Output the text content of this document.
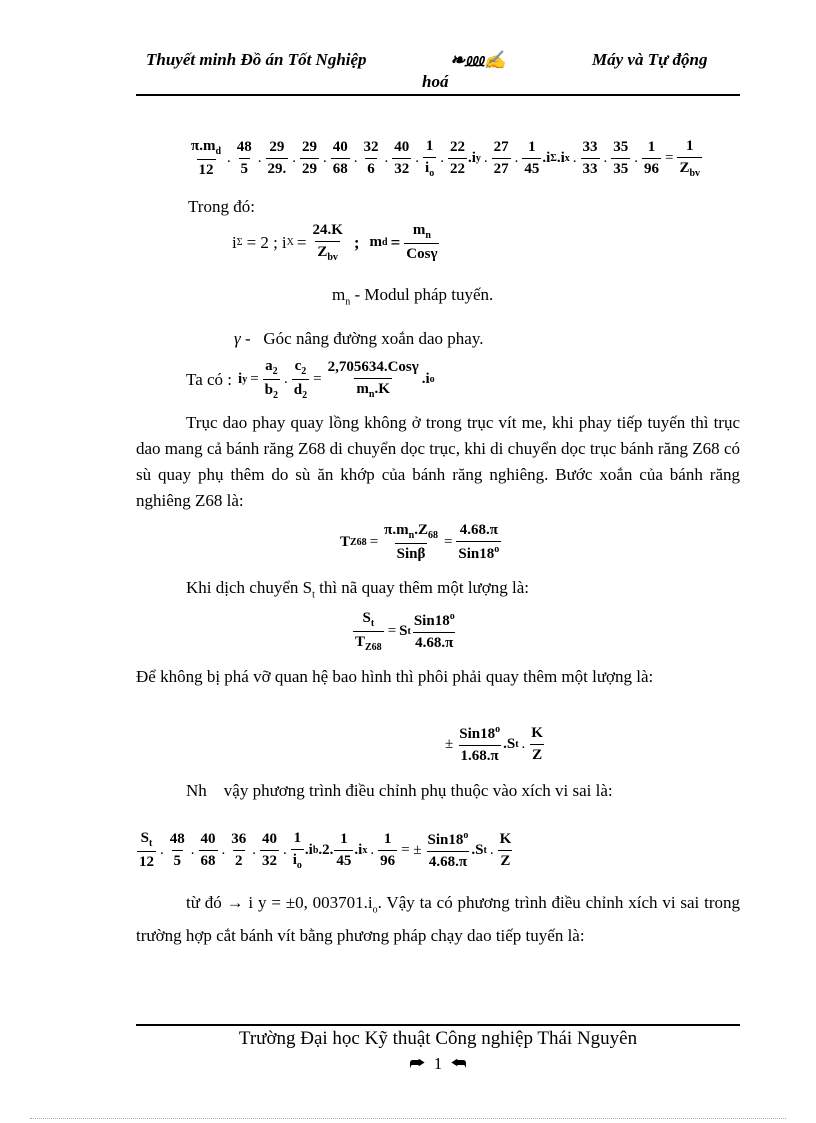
Thuyết minh Đồ án Tốt Nghiệp	❧⅏✍	Máy và Tự động
hoá
$\pi.m_d$
12
.
48
5
.
29
29.
.
29
29
.
40
68
.
32
6
.
40
32
.
1
$i_o$
.
22
22
.i y .
27
27
.
1
45
.i Σ .i x .
33
33
.
35
35
. $\frac{1}{96}$ =
1
$Z_{bv}$
Trong đó:
i Σ = 2 ; i X =
24.K
$Z_{bv}$
; m d =
$m_n$
Cosγ
$m_n$ - Modul pháp tuyến.
γ - Góc nâng đường xoắn dao phay.
Ta có : i $y = \frac{a_2}{b_2}$ . $\frac{c_2}{d_2}$ =
2,705634.Cosγ
$m_n.K$
.i o
Trục dao phay quay lồng không ở trong trục vít me, khi phay tiếp tuyến thì trục dao mang cả bánh răng Z68 di chuyển dọc trục, khi di chuyển dọc trục bánh răng Z68 có sù quay phụ thêm do sù ăn khớp của bánh răng nghiêng. Bước xoắn của bánh răng nghiêng Z68 là:
T Z68 =
$\pi.m_n.Z_{68}$
Sinβ
=
4.68.π
Sin18$^o$
Khi dịch chuyển $S_t$ thì nã quay thêm một lượng là:
$\frac{S_t}{T_{Z68}} = S$ t
Sin18$^o$
4.68.π
Để không bị phá vỡ quan hệ bao hình thì phôi phải quay thêm một lượng là:
±
$Sin18^o$
1.68.π
.S t .
K
Z
Nh vậy phương trình điều chỉnh phụ thuộc vào xích vi sai là:
$S_t$
12
.
48
5
.
40
68
.
36
2
.
40
32
.
1
$i_o$
.i b .2.
1
45
.i x . $\frac{1}{96}$ = ±
$Sin18^o$
4.68.π
.S t .
K
Z
từ đó → i y = ±0, $003701.i_o$. Vậy ta có phương trình điều chỉnh xích vi sai trong trường hợp cắt bánh vít bằng phương pháp chạy dao tiếp tuyến là:
Trường Đại học Kỹ thuật Công nghiệp Thái Nguyên
⮫ 1 ⮪
